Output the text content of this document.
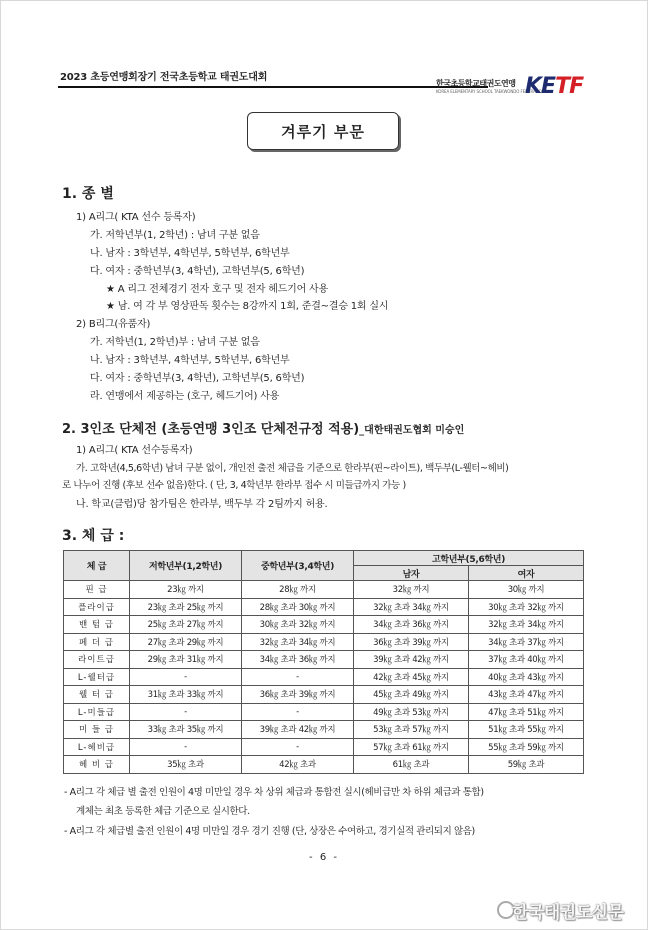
2023 초등연맹회장기 전국초등학교 태권도대회
한국초등학교태권도연맹
KOREA ELEMENTARY SCHOOL TAEKWONDO FEDERATION
KETF
겨루기 부문
1. 종 별
1) A리그( KTA 선수 등록자)
가. 저학년부(1, 2학년) : 남녀 구분 없음
나. 남자 : 3학년부, 4학년부, 5학년부, 6학년부
다. 여자 : 중학년부(3, 4학년), 고학년부(5, 6학년)
★ A 리그 전체경기 전자 호구 및 전자 헤드기어 사용
★ 남. 여 각 부 영상판독 횟수는 8강까지 1회, 준결~결승 1회 실시
2) B리그(유품자)
가. 저학년(1, 2학년)부 : 남녀 구분 없음
나. 남자 : 3학년부, 4학년부, 5학년부, 6학년부
다. 여자 : 중학년부(3, 4학년), 고학년부(5, 6학년)
라. 연맹에서 제공하는 (호구, 헤드기어) 사용
2. 3인조 단체전 (초등연맹 3인조 단체전규정 적용)_대한태권도협회 미승인
1) A리그( KTA 선수등록자)
가. 고학년(4,5,6학년) 남녀 구분 없이, 개인전 출전 체급을 기준으로 한라부(핀~라이트), 백두부(L-웰터~헤비)
로 나누어 진행 (후보 선수 없음)한다. ( 단, 3, 4학년부 한라부 접수 시 미들급까지 가능 )
나. 학교(클럽)당 참가팀은 한라부, 백두부 각 2팀까지 허용.
3. 체 급 :
체 급	저학년부(1,2학년)	중학년부(3,4학년)	고학년부(5,6학년)	
			남자	여자
핀 급	23㎏ 까지	28㎏ 까지	32㎏ 까지	30㎏ 까지
플라이급	23㎏ 초과 25㎏ 까지	28㎏ 초과 30㎏ 까지	32㎏ 초과 34㎏ 까지	30㎏ 초과 32㎏ 까지
밴 텀 급	25㎏ 초과 27㎏ 까지	30㎏ 초과 32㎏ 까지	34㎏ 초과 36㎏ 까지	32㎏ 초과 34㎏ 까지
페 더 급	27㎏ 초과 29㎏ 까지	32㎏ 초과 34㎏ 까지	36㎏ 초과 39㎏ 까지	34㎏ 초과 37㎏ 까지
라이트급	29㎏ 초과 31㎏ 까지	34㎏ 초과 36㎏ 까지	39㎏ 초과 42㎏ 까지	37㎏ 초과 40㎏ 까지
L-웰터급	-	-	42㎏ 초과 45㎏ 까지	40㎏ 초과 43㎏ 까지
웰 터 급	31㎏ 초과 33㎏ 까지	36㎏ 초과 39㎏ 까지	45㎏ 초과 49㎏ 까지	43㎏ 초과 47㎏ 까지
L-미들급	-	-	49㎏ 초과 53㎏ 까지	47㎏ 초과 51㎏ 까지
미 들 급	33㎏ 초과 35㎏ 까지	39㎏ 초과 42㎏ 까지	53㎏ 초과 57㎏ 까지	51㎏ 초과 55㎏ 까지
L-헤비급	-	-	57㎏ 초과 61㎏ 까지	55㎏ 초과 59㎏ 까지
헤 비 급	35㎏ 초과	42㎏ 초과	61㎏ 초과	59㎏ 초과
- A리그 각 체급 별 출전 인원이 4명 미만일 경우 차 상위 체급과 통합전 실시(헤비급만 차 하위 체급과 통합)
계체는 최초 등록한 체급 기준으로 실시한다.
- A리그 각 체급별 출전 인원이 4명 미만일 경우 경기 진행 (단, 상장은 수여하고, 경기실적 관리되지 않음)
- 6 -
한국태권도신문
